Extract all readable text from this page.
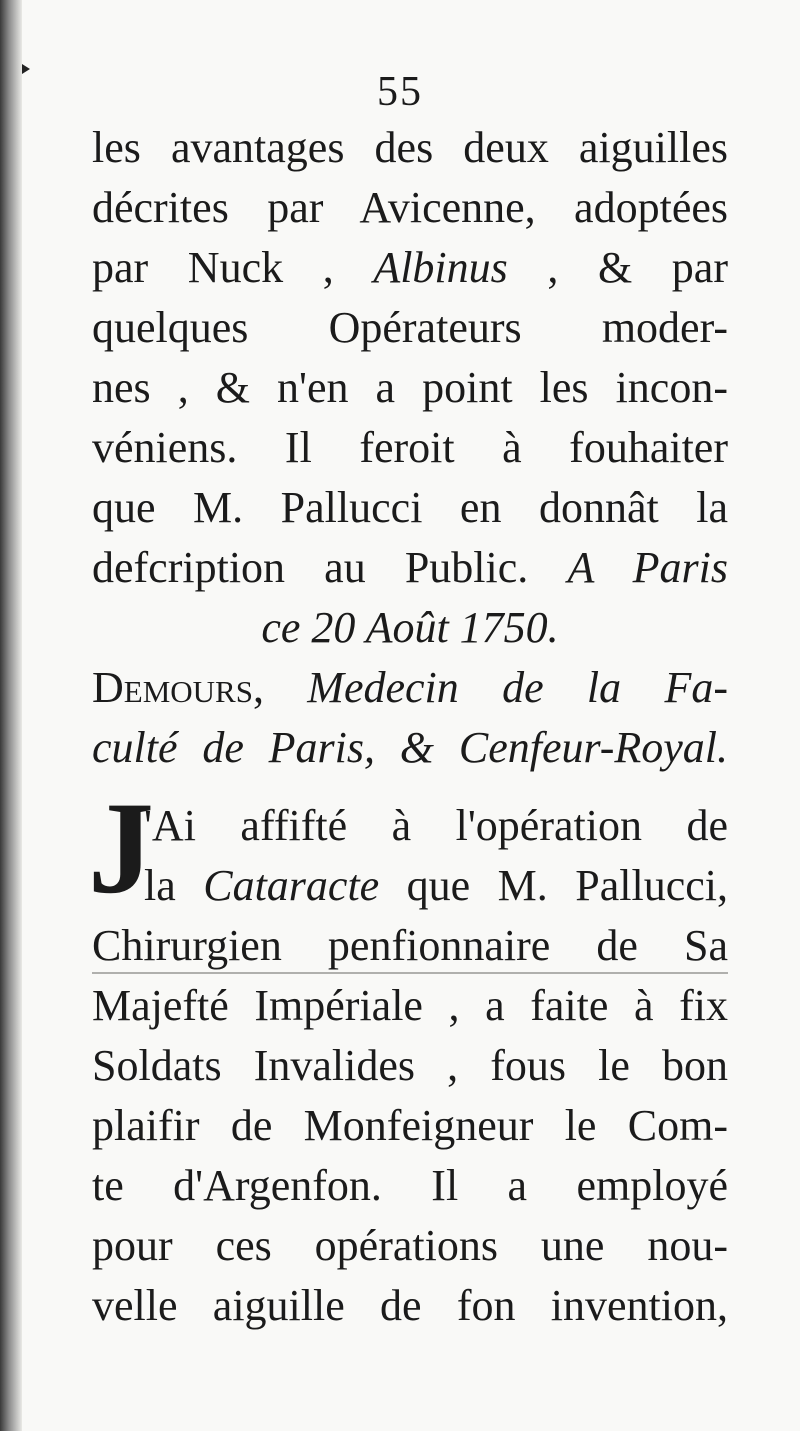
55
les avantages des deux aiguilles
décrites par Avicenne, adoptées
par Nuck , Albinus , & par
quelques Opérateurs moder-
nes , & n'en a point les incon-
véniens. Il feroit à fouhaiter
que M. Pallucci en donnât la
defcription au Public. A Paris
ce 20 Août 1750.
Demours, Medecin de la Fa-
culté de Paris, & Cenfeur-Royal.
J
'Ai affifté à l'opération de
la Cataracte que M. Pallucci,
Chirurgien penfionnaire de Sa
Majefté Impériale , a faite à fix
Soldats Invalides , fous le bon
plaifir de Monfeigneur le Com-
te d'Argenfon. Il a employé
pour ces opérations une nou-
velle aiguille de fon invention,
